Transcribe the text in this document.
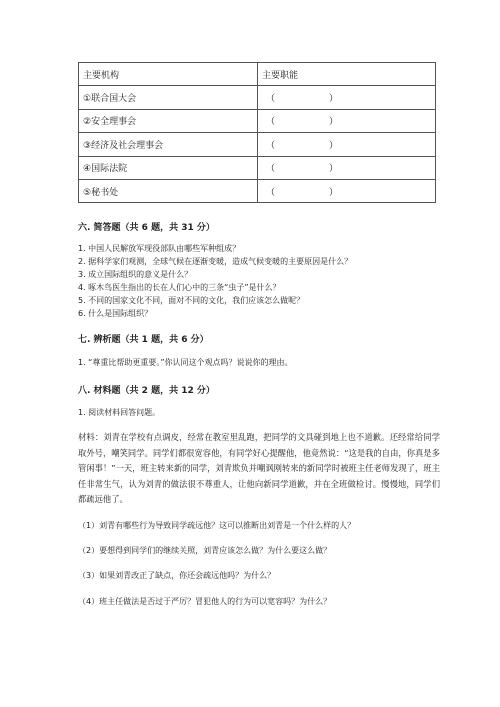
主要机构	主要职能
①联合国大会	（ ）
②安全理事会	（ ）
③经济及社会理事会	（ ）
④国际法院	（ ）
⑤秘书处	（ ）
六. 简答题（共 6 题，共 31 分）
1. 中国人民解放军现役部队由哪些军种组成？
2. 据科学家们观测，全球气候在逐渐变暖，造成气候变暖的主要原因是什么？
3. 成立国际组织的意义是什么？
4. 啄木鸟医生指出的长在人们心中的三条“虫子”是什么？
5. 不同的国家文化不同，面对不同的文化，我们应该怎么做呢？
6. 什么是国际组织？
七. 辨析题（共 1 题，共 6 分）
1. “尊重比帮助更重要。”你认同这个观点吗？说说你的理由。
八. 材料题（共 2 题，共 12 分）
1. 阅读材料回答问题。
材料：刘青在学校有点调皮，经常在教室里乱跑，把同学的文具碰到地上也不道歉。还经常给同学取外号，嘲笑同学。同学们都很宽容他，有同学好心提醒他，他竟然说：“这是我的自由，你真是多管闲事！”一天，班主转来新的同学，刘青欺负并嘲讽刚转来的新同学时被班主任老师发现了，班主任非常生气，认为刘青的做法很不尊重人，让他向新同学道歉，并在全班做检讨。慢慢地，同学们都疏远他了。
（1）刘青有哪些行为导致同学疏远他？这可以推断出刘青是一个什么样的人？
（2）要想得到同学们的继续关照，刘青应该怎么做？为什么要这么做？
（3）如果刘青改正了缺点，你还会疏远他吗？为什么？
（4）班主任做法是否过于严厉？冒犯他人的行为可以宽容吗？为什么？
